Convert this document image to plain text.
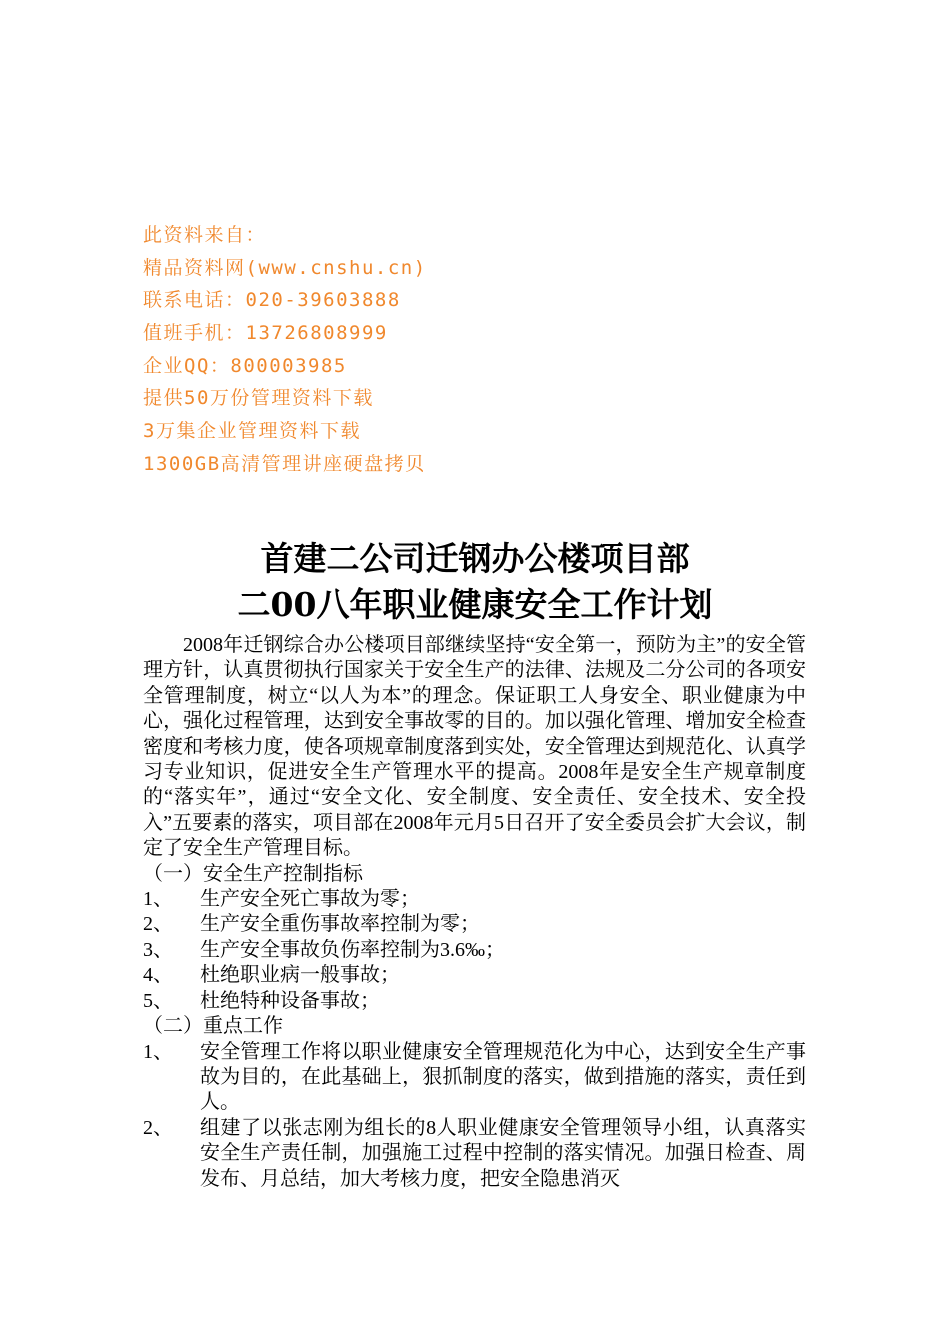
此资料来自：
精品资料网(www.cnshu.cn)
联系电话：020-39603888
值班手机：13726808999
企业QQ：800003985
提供50万份管理资料下载
3万集企业管理资料下载
1300GB高清管理讲座硬盘拷贝
首建二公司迁钢办公楼项目部
二00八年职业健康安全工作计划

2008年迁钢综合办公楼项目部继续坚持“安全第一，预防为主”的安全管理方针，认真贯彻执行国家关于安全生产的法律、法规及二分公司的各项安全管理制度，树立“以人为本”的理念。保证职工人身安全、职业健康为中心，强化过程管理，达到安全事故零的目的。加以强化管理、增加安全检查密度和考核力度，使各项规章制度落到实处，安全管理达到规范化、认真学习专业知识，促进安全生产管理水平的提高。2008年是安全生产规章制度的“落实年”，通过“安全文化、安全制度、安全责任、安全技术、安全投入”五要素的落实，项目部在2008年元月5日召开了安全委员会扩大会议，制定了安全生产管理目标。

（一）安全生产控制指标

1、	生产安全死亡事故为零；
2、	生产安全重伤事故率控制为零；
3、	生产安全事故负伤率控制为3.6‰；
4、	杜绝职业病一般事故；
5、	杜绝特种设备事故；

（二）重点工作

1、	安全管理工作将以职业健康安全管理规范化为中心，达到安全生产事故为目的，在此基础上，狠抓制度的落实，做到措施的落实，责任到人。
2、	组建了以张志刚为组长的8人职业健康安全管理领导小组，认真落实安全生产责任制，加强施工过程中控制的落实情况。加强日检查、周发布、月总结，加大考核力度，把安全隐患消灭
